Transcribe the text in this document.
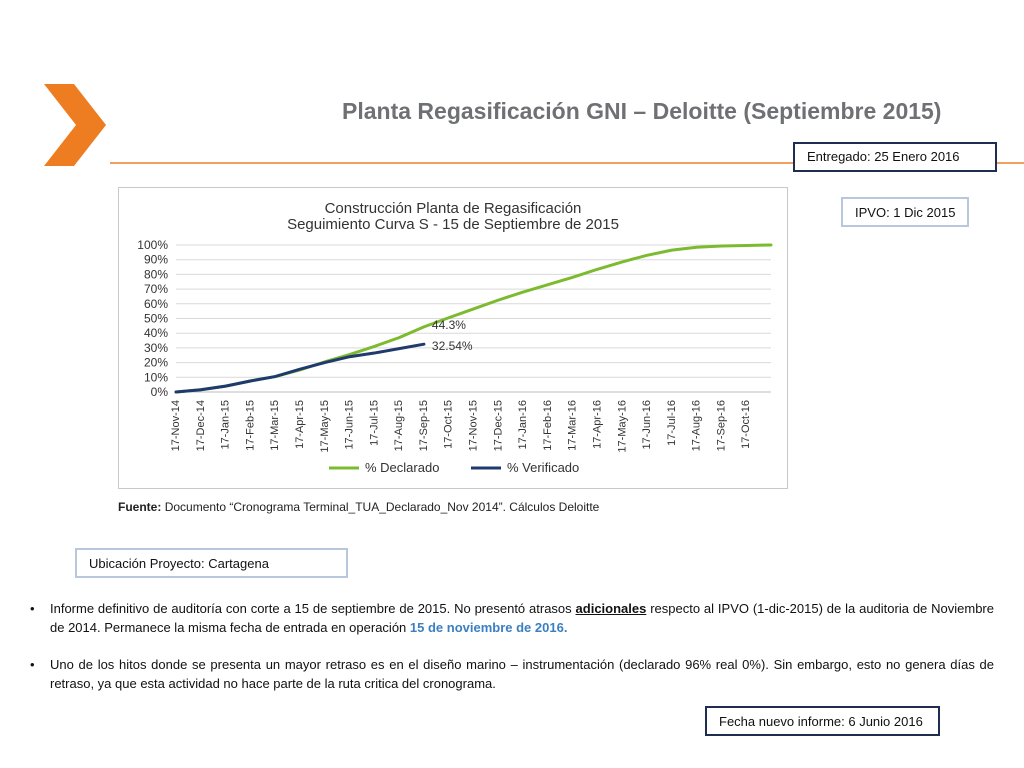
Planta Regasificación GNI – Deloitte (Septiembre 2015)
Entregado: 25 Enero 2016
IPVO: 1 Dic 2015
Construcción Planta de Regasificación
Seguimiento Curva S - 15 de Septiembre de 2015
0%
10%
20%
30%
40%
50%
60%
70%
80%
90%
100%
17-Nov-14 17-Dec-14 17-Jan-15 17-Feb-15 17-Mar-15 17-Apr-15 17-May-15 17-Jun-15 17-Jul-15 17-Aug-15 17-Sep-15 17-Oct-15 17-Nov-15 17-Dec-15 17-Jan-16 17-Feb-16 17-Mar-16 17-Apr-16 17-May-16 17-Jun-16 17-Jul-16 17-Aug-16 17-Sep-16 17-Oct-16
44.3%
32.54%
% Declarado	% Verificado
Fuente: Documento “Cronograma Terminal_TUA_Declarado_Nov 2014”. Cálculos Deloitte
Ubicación Proyecto: Cartagena
• Informe definitivo de auditoría con corte a 15 de septiembre de 2015. No presentó atrasos adicionales respecto al IPVO (1-dic-2015) de la auditoria de Noviembre de 2014. Permanece la misma fecha de entrada en operación 15 de noviembre de 2016.
• Uno de los hitos donde se presenta un mayor retraso es en el diseño marino – instrumentación (declarado 96% real 0%). Sin embargo, esto no genera días de retraso, ya que esta actividad no hace parte de la ruta critica del cronograma.
Fecha nuevo informe: 6 Junio 2016
